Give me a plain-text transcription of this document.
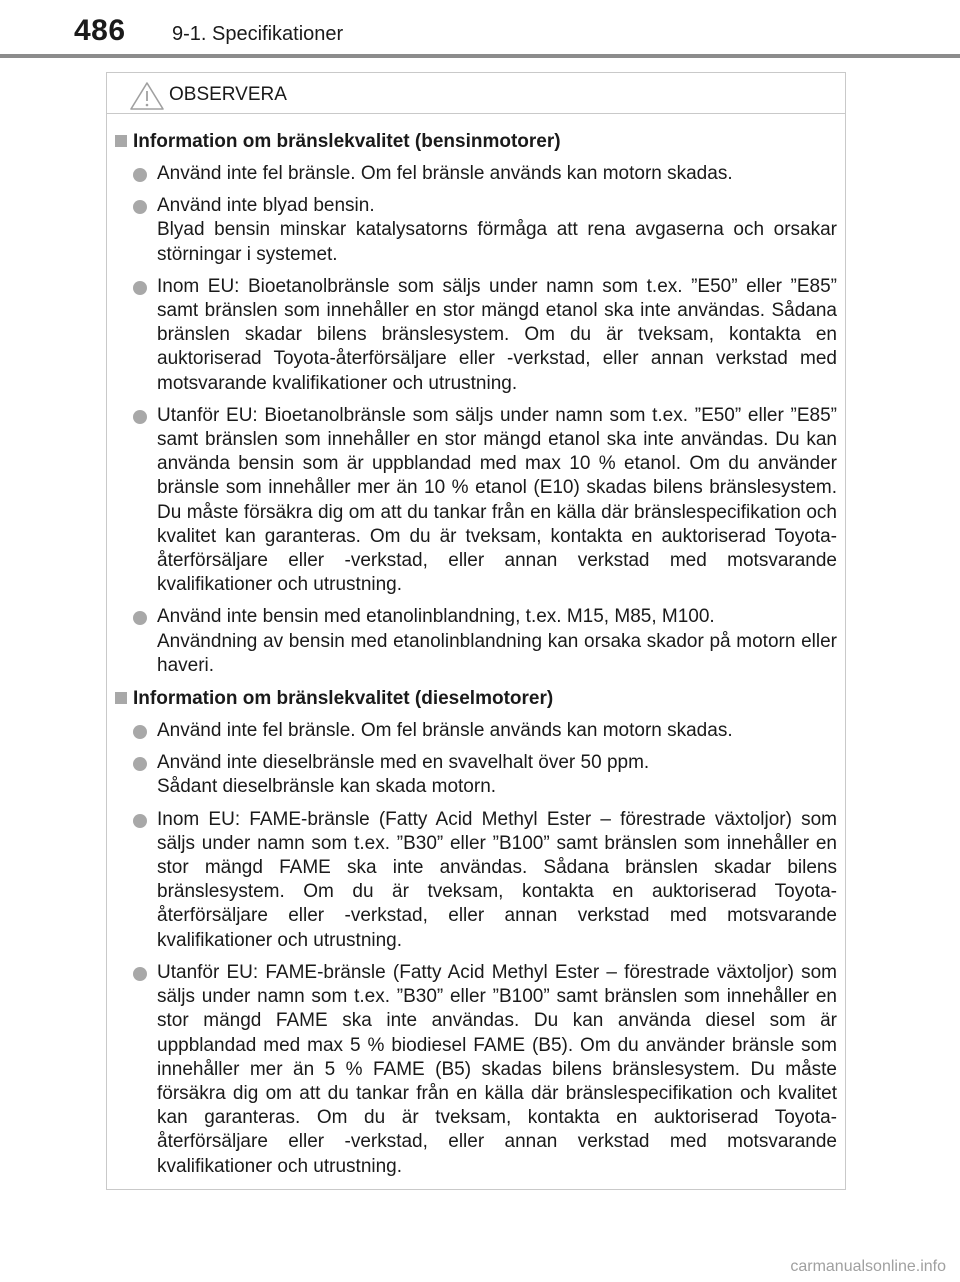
486 9-1. Specifikationer
OBSERVERA
Information om bränslekvalitet (bensinmotorer)

Använd inte fel bränsle. Om fel bränsle används kan motorn skadas.

Använd inte blyad bensin.

Blyad bensin minskar katalysatorns förmåga att rena avgaserna och orsakar störningar i systemet.

Inom EU: Bioetanolbränsle som säljs under namn som t.ex. ”E50” eller ”E85” samt bränslen som innehåller en stor mängd etanol ska inte användas. Sådana bränslen skadar bilens bränslesystem. Om du är tveksam, kontakta en auktoriserad Toyota-återförsäljare eller -verkstad, eller annan verkstad med motsvarande kvalifikationer och utrustning.

Utanför EU: Bioetanolbränsle som säljs under namn som t.ex. ”E50” eller ”E85” samt bränslen som innehåller en stor mängd etanol ska inte användas. Du kan använda bensin som är uppblandad med max 10 % etanol. Om du använder bränsle som innehåller mer än 10 % etanol (E10) skadas bilens bränslesystem. Du måste försäkra dig om att du tankar från en källa där bränslespecifikation och kvalitet kan garanteras. Om du är tveksam, kontakta en auktoriserad Toyota-återförsäljare eller -verkstad, eller annan verkstad med motsvarande kvalifikationer och utrustning.

Använd inte bensin med etanolinblandning, t.ex. M15, M85, M100.

Användning av bensin med etanolinblandning kan orsaka skador på motorn eller haveri.

Information om bränslekvalitet (dieselmotorer)

Använd inte fel bränsle. Om fel bränsle används kan motorn skadas.

Använd inte dieselbränsle med en svavelhalt över 50 ppm.

Sådant dieselbränsle kan skada motorn.

Inom EU: FAME-bränsle (Fatty Acid Methyl Ester – förestrade växtoljor) som säljs under namn som t.ex. ”B30” eller ”B100” samt bränslen som innehåller en stor mängd FAME ska inte användas. Sådana bränslen skadar bilens bränslesystem. Om du är tveksam, kontakta en auktoriserad Toyota-återförsäljare eller -verkstad, eller annan verkstad med motsvarande kvalifikationer och utrustning.

Utanför EU: FAME-bränsle (Fatty Acid Methyl Ester – förestrade växtoljor) som säljs under namn som t.ex. ”B30” eller ”B100” samt bränslen som innehåller en stor mängd FAME ska inte användas. Du kan använda diesel som är uppblandad med max 5 % biodiesel FAME (B5). Om du använder bränsle som innehåller mer än 5 % FAME (B5) skadas bilens bränslesystem. Du måste försäkra dig om att du tankar från en källa där bränslespecifikation och kvalitet kan garanteras. Om du är tveksam, kontakta en auktoriserad Toyota-återförsäljare eller -verkstad, eller annan verkstad med motsvarande kvalifikationer och utrustning.

carmanualsonline.info
